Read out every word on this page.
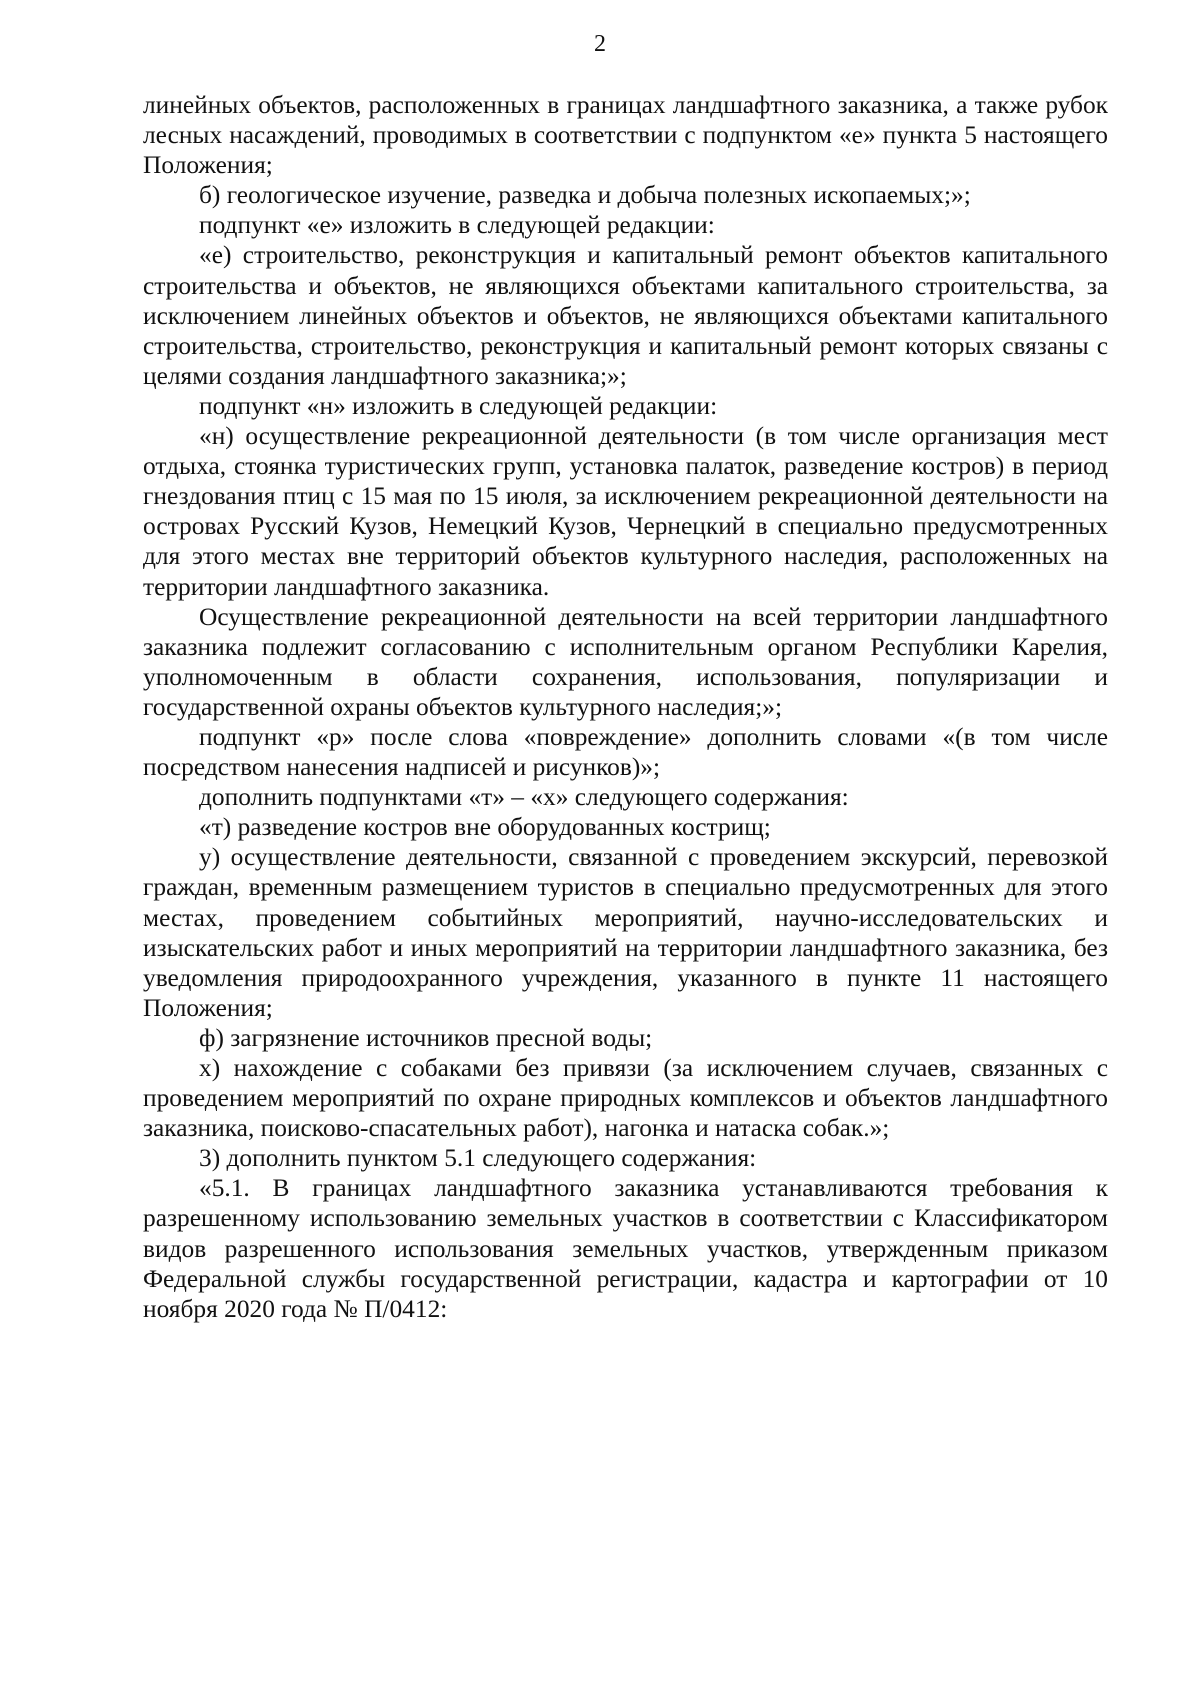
2

линейных объектов, расположенных в границах ландшафтного заказника, а также рубок лесных насаждений, проводимых в соответствии с подпунктом «е» пункта 5 настоящего Положения;

б) геологическое изучение, разведка и добыча полезных ископаемых;»;

подпункт «е» изложить в следующей редакции:

«е) строительство, реконструкция и капитальный ремонт объектов капитального строительства и объектов, не являющихся объектами капитального строительства, за исключением линейных объектов и объектов, не являющихся объектами капитального строительства, строительство, реконструкция и капитальный ремонт которых связаны с целями создания ландшафтного заказника;»;

подпункт «н» изложить в следующей редакции:

«н) осуществление рекреационной деятельности (в том числе организация мест отдыха, стоянка туристических групп, установка палаток, разведение костров) в период гнездования птиц с 15 мая по 15 июля, за исключением рекреационной деятельности на островах Русский Кузов, Немецкий Кузов, Чернецкий в специально предусмотренных для этого местах вне территорий объектов культурного наследия, расположенных на территории ландшафтного заказника.

Осуществление рекреационной деятельности на всей территории ландшафтного заказника подлежит согласованию с исполнительным органом Республики Карелия, уполномоченным в области сохранения, использования, популяризации и государственной охраны объектов культурного наследия;»;

подпункт «р» после слова «повреждение» дополнить словами «(в том числе посредством нанесения надписей и рисунков)»;

дополнить подпунктами «т» – «х» следующего содержания:

«т) разведение костров вне оборудованных кострищ;

у) осуществление деятельности, связанной с проведением экскурсий, перевозкой граждан, временным размещением туристов в специально предусмотренных для этого местах, проведением событийных мероприятий, научно-исследовательских и изыскательских работ и иных мероприятий на территории ландшафтного заказника, без уведомления природоохранного учреждения, указанного в пункте 11 настоящего Положения;

ф) загрязнение источников пресной воды;

х) нахождение с собаками без привязи (за исключением случаев, связанных с проведением мероприятий по охране природных комплексов и объектов ландшафтного заказника, поисково-спасательных работ), нагонка и натаска собак.»;

3) дополнить пунктом 5.1 следующего содержания:

«5.1. В границах ландшафтного заказника устанавливаются требования к разрешенному использованию земельных участков в соответствии с Классификатором видов разрешенного использования земельных участков, утвержденным приказом Федеральной службы государственной регистрации, кадастра и картографии от 10 ноября 2020 года № П/0412:
